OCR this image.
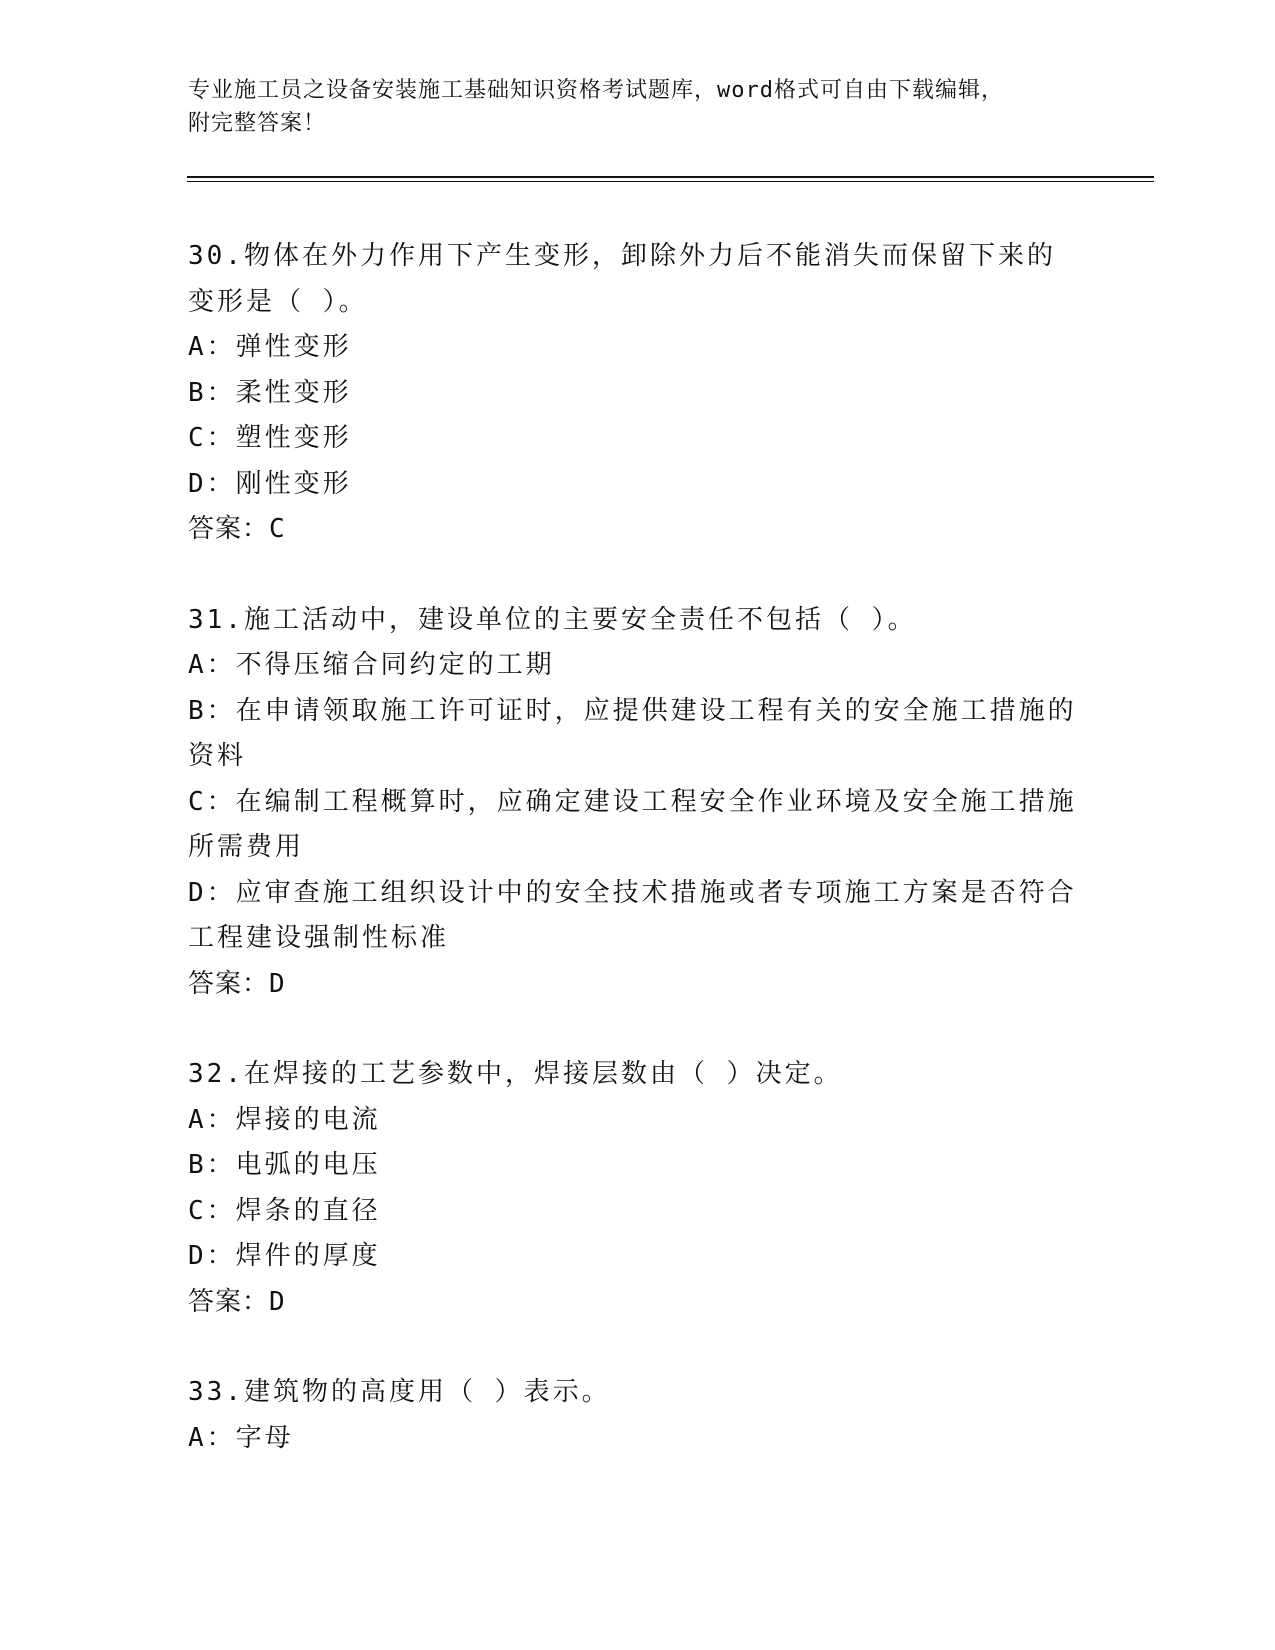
专业施工员之设备安装施工基础知识资格考试题库，word格式可自由下载编辑，
附完整答案！
30.物体在外力作用下产生变形，卸除外力后不能消失而保留下来的变形是（ ）。
A：弹性变形
B：柔性变形
C：塑性变形
D：刚性变形
答案：C
31.施工活动中，建设单位的主要安全责任不包括（ ）。
A：不得压缩合同约定的工期
B：在申请领取施工许可证时，应提供建设工程有关的安全施工措施的资料
C：在编制工程概算时，应确定建设工程安全作业环境及安全施工措施所需费用
D：应审查施工组织设计中的安全技术措施或者专项施工方案是否符合工程建设强制性标准
答案：D
32.在焊接的工艺参数中，焊接层数由（ ）决定。
A：焊接的电流
B：电弧的电压
C：焊条的直径
D：焊件的厚度
答案：D
33.建筑物的高度用（ ）表示。
A：字母
